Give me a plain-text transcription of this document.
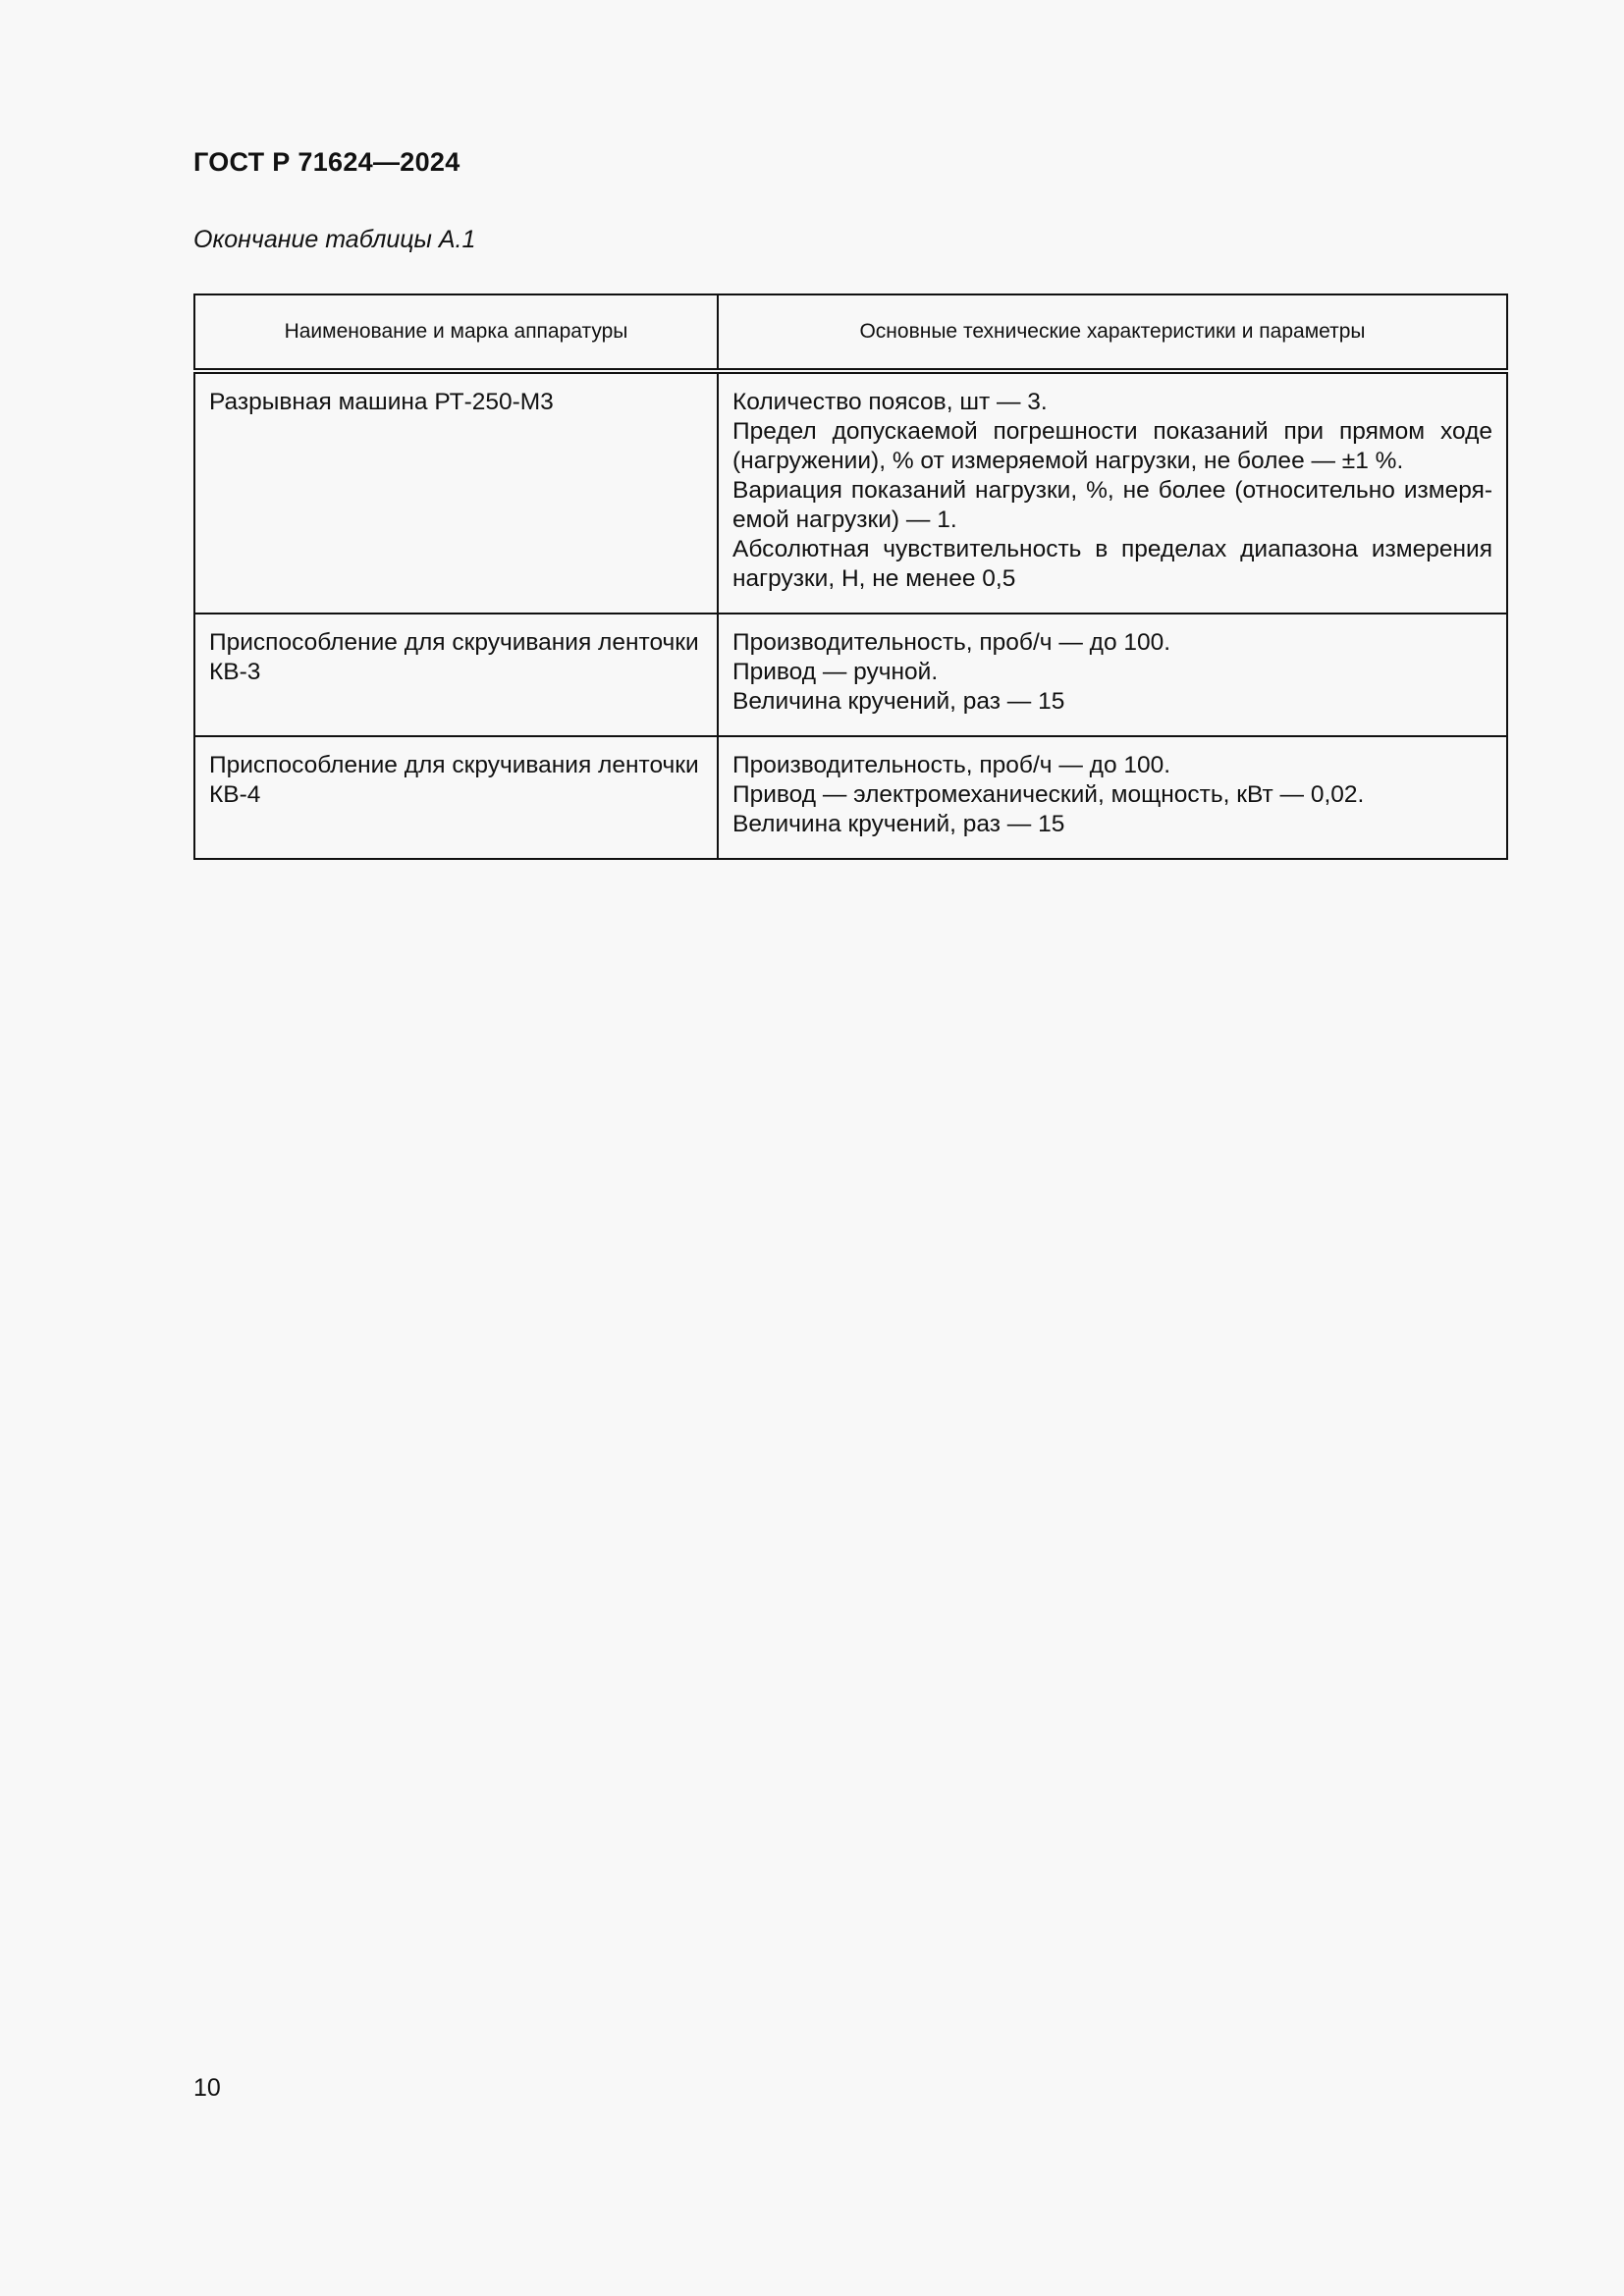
ГОСТ Р 71624—2024
Окончание таблицы А.1
Наименование и марка аппаратуры	Основные технические характеристики и параметры
Разрывная машина РТ-250-М3	Количество поясов, шт — 3.
Предел допускаемой погрешности показаний при прямом ходе (нагружении), % от измеряемой нагрузки, не более — ±1 %.
Вариация показаний нагрузки, %, не более (относительно измеря-емой нагрузки) — 1.
Абсолютная чувствительность в пределах диапазона измерения нагрузки, Н, не менее 0,5

Приспособление для скручивания ленточки КВ-3	Производительность, проб/ч — до 100.
Привод — ручной.
Величина кручений, раз — 15

Приспособление для скручивания ленточки КВ-4	Производительность, проб/ч — до 100.
Привод — электромеханический, мощность, кВт — 0,02.
Величина кручений, раз — 15
10
